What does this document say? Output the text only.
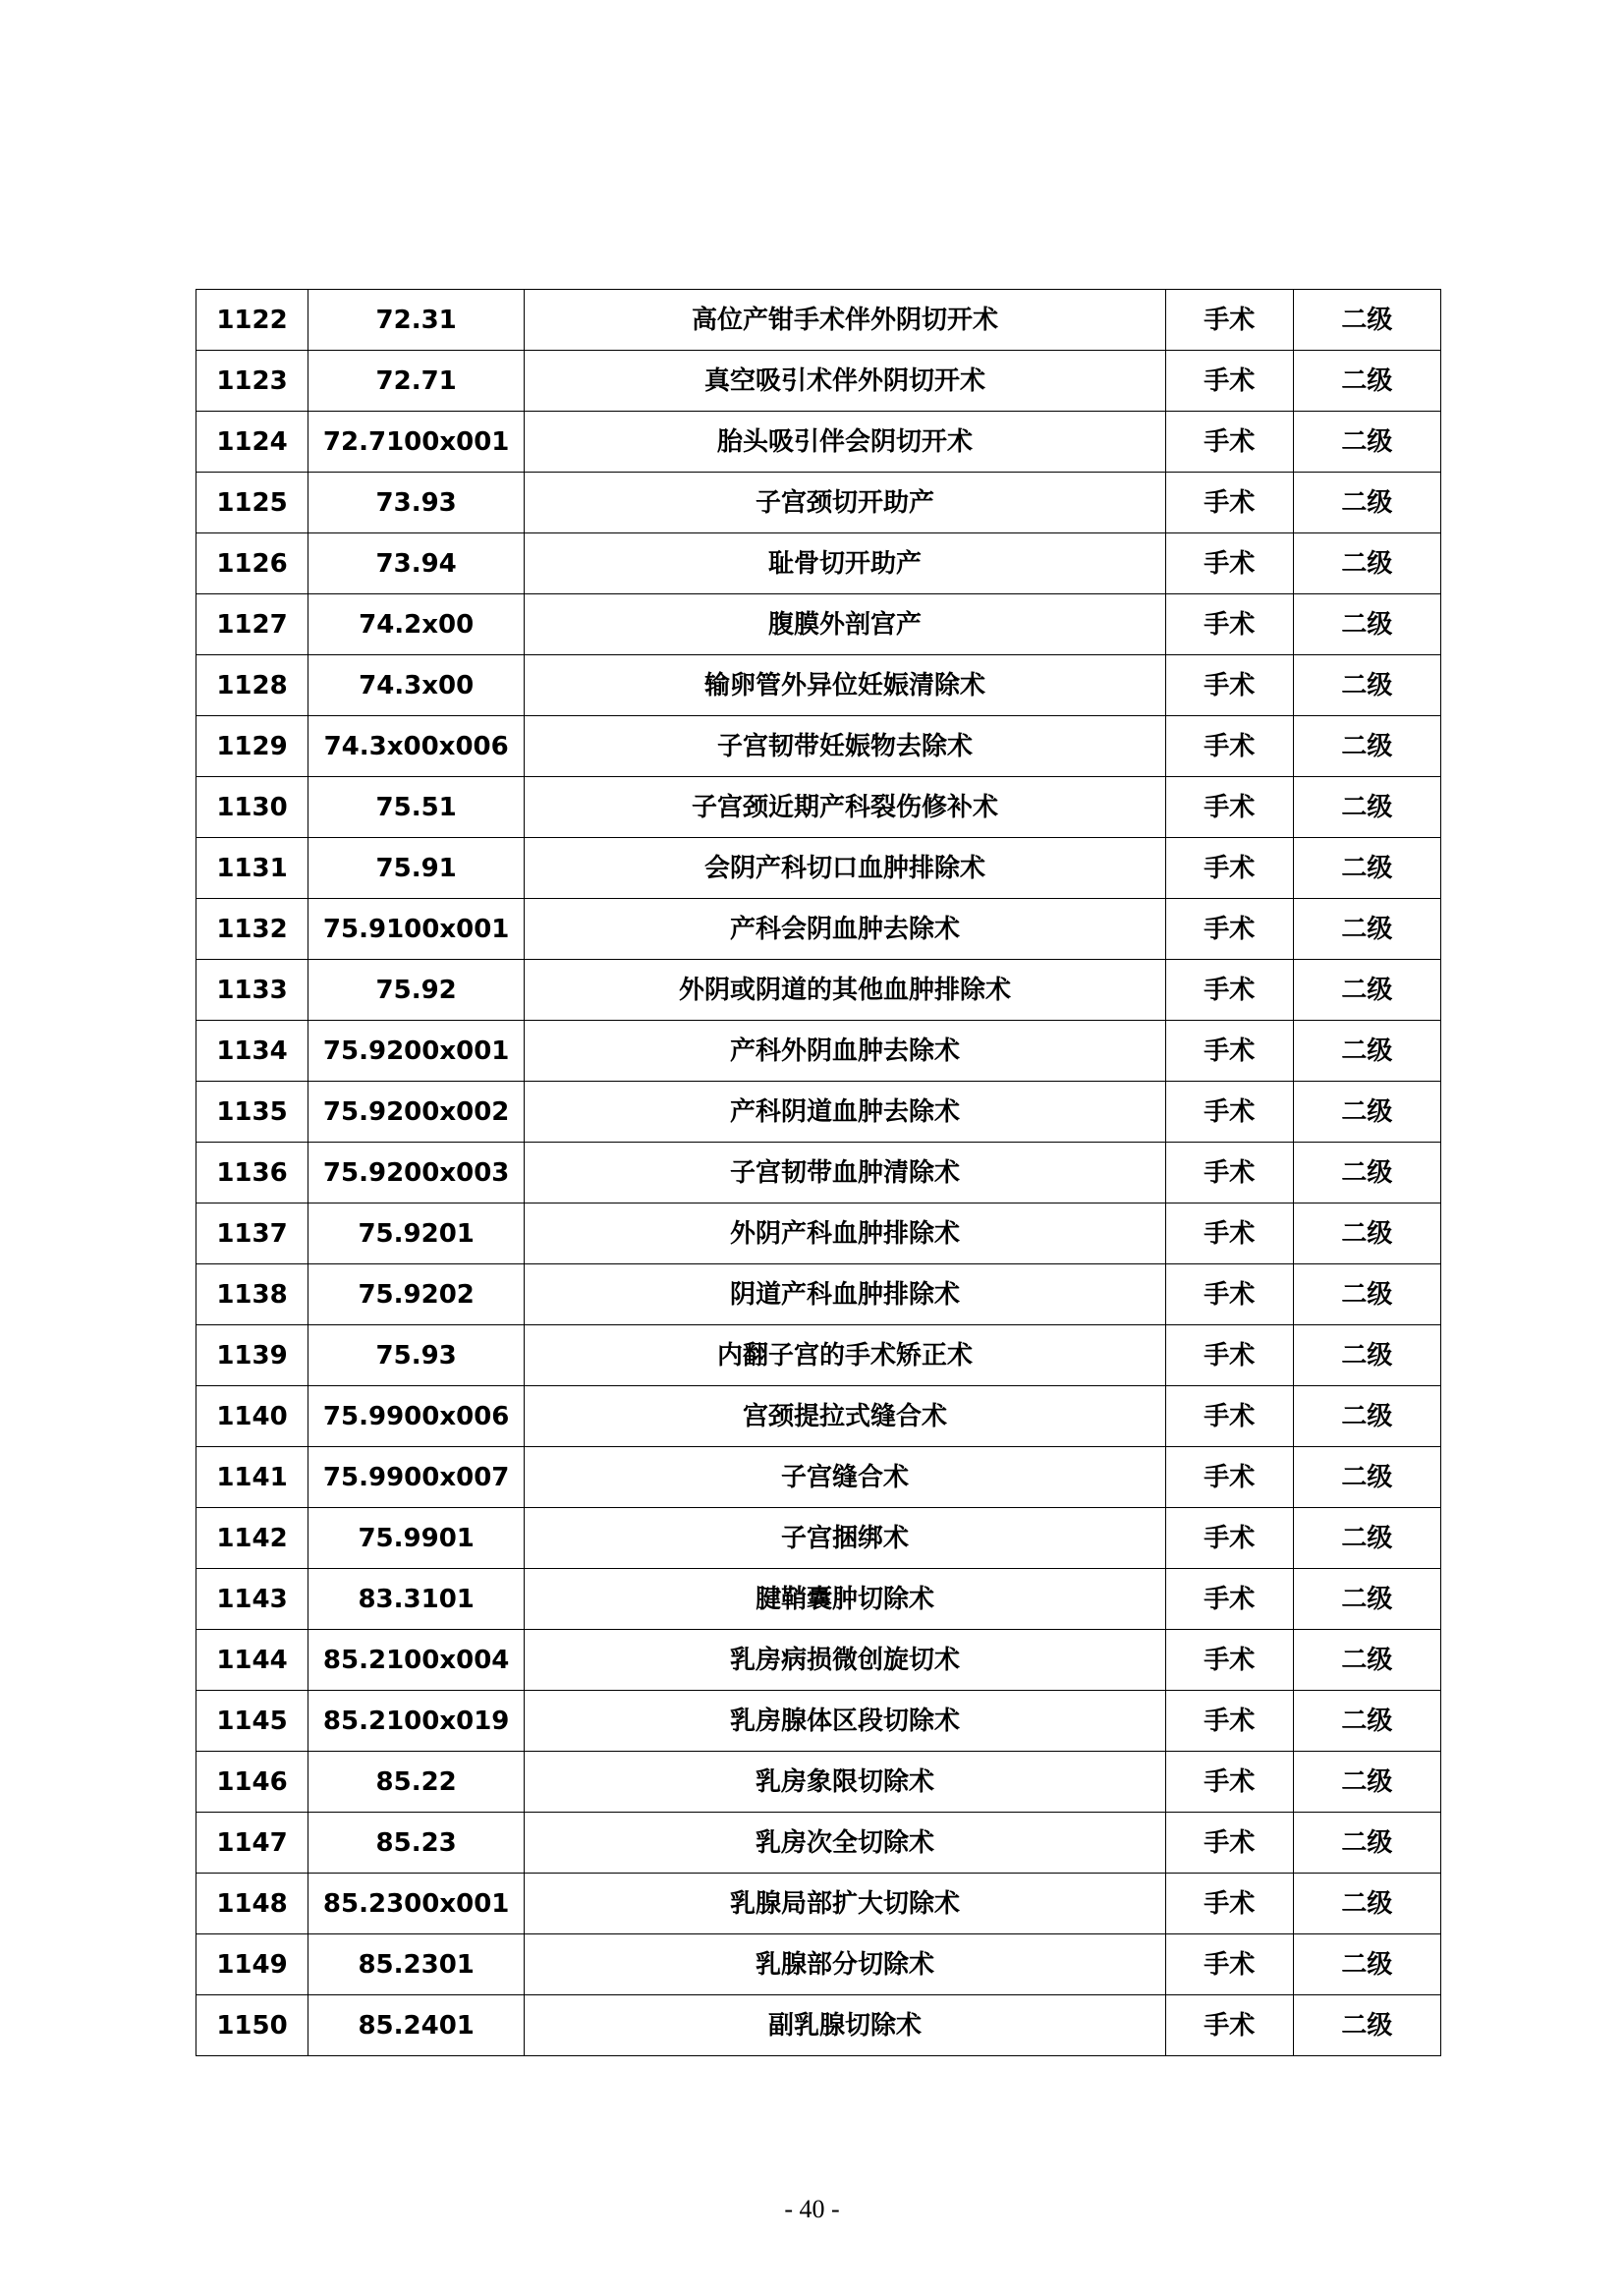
1122	72.31	高位产钳手术伴外阴切开术	手术	二级
1123	72.71	真空吸引术伴外阴切开术	手术	二级
1124	72.7100x001	胎头吸引伴会阴切开术	手术	二级
1125	73.93	子宫颈切开助产	手术	二级
1126	73.94	耻骨切开助产	手术	二级
1127	74.2x00	腹膜外剖宫产	手术	二级
1128	74.3x00	输卵管外异位妊娠清除术	手术	二级
1129	74.3x00x006	子宫韧带妊娠物去除术	手术	二级
1130	75.51	子宫颈近期产科裂伤修补术	手术	二级
1131	75.91	会阴产科切口血肿排除术	手术	二级
1132	75.9100x001	产科会阴血肿去除术	手术	二级
1133	75.92	外阴或阴道的其他血肿排除术	手术	二级
1134	75.9200x001	产科外阴血肿去除术	手术	二级
1135	75.9200x002	产科阴道血肿去除术	手术	二级
1136	75.9200x003	子宫韧带血肿清除术	手术	二级
1137	75.9201	外阴产科血肿排除术	手术	二级
1138	75.9202	阴道产科血肿排除术	手术	二级
1139	75.93	内翻子宫的手术矫正术	手术	二级
1140	75.9900x006	宫颈提拉式缝合术	手术	二级
1141	75.9900x007	子宫缝合术	手术	二级
1142	75.9901	子宫捆绑术	手术	二级
1143	83.3101	腱鞘囊肿切除术	手术	二级
1144	85.2100x004	乳房病损微创旋切术	手术	二级
1145	85.2100x019	乳房腺体区段切除术	手术	二级
1146	85.22	乳房象限切除术	手术	二级
1147	85.23	乳房次全切除术	手术	二级
1148	85.2300x001	乳腺局部扩大切除术	手术	二级
1149	85.2301	乳腺部分切除术	手术	二级
1150	85.2401	副乳腺切除术	手术	二级
- 40 -
